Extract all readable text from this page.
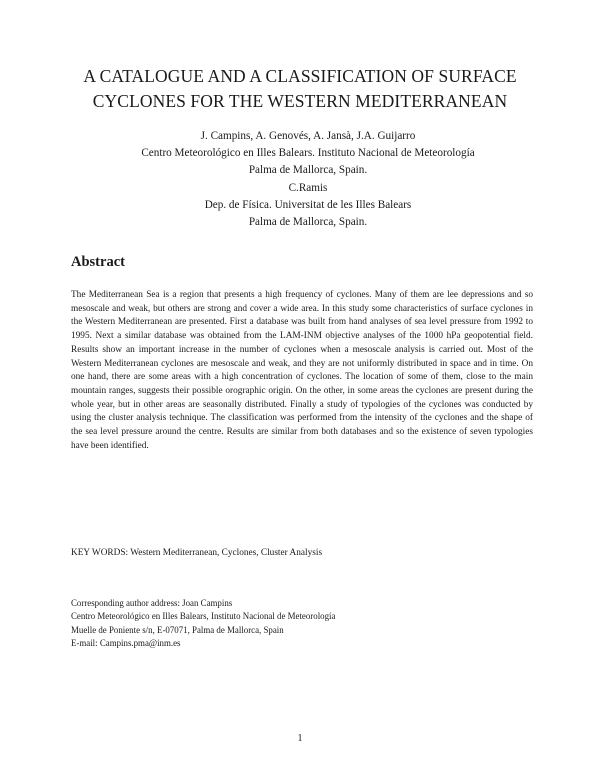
A CATALOGUE AND A CLASSIFICATION OF SURFACE
CYCLONES FOR THE WESTERN MEDITERRANEAN
J. Campins, A. Genovés, A. Jansà, J.A. Guijarro
Centro Meteorológico en Illes Balears. Instituto Nacional de Meteorología
Palma de Mallorca, Spain.
C.Ramis
Dep. de Física. Universitat de les Illes Balears
Palma de Mallorca, Spain.
Abstract

The Mediterranean Sea is a region that presents a high frequency of cyclones. Many of them are lee depressions and so mesoscale and weak, but others are strong and cover a wide area. In this study some characteristics of surface cyclones in the Western Mediterranean are presented. First a database was built from hand analyses of sea level pressure from 1992 to 1995. Next a similar database was obtained from the LAM-INM objective analyses of the 1000 hPa geopotential field. Results show an important increase in the number of cyclones when a mesoscale analysis is carried out. Most of the Western Mediterranean cyclones are mesoscale and weak, and they are not uniformly distributed in space and in time. On one hand, there are some areas with a high concentration of cyclones. The location of some of them, close to the main mountain ranges, suggests their possible orographic origin. On the other, in some areas the cyclones are present during the whole year, but in other areas are seasonally distributed. Finally a study of typologies of the cyclones was conducted by using the cluster analysis technique. The classification was performed from the intensity of the cyclones and the shape of the sea level pressure around the centre. Results are similar from both databases and so the existence of seven typologies have been identified.

KEY WORDS: Western Mediterranean, Cyclones, Cluster Analysis
Corresponding author address: Joan Campins
Centro Meteorológico en Illes Balears, Instituto Nacional de Meteorología
Muelle de Poniente s/n, E-07071, Palma de Mallorca, Spain
E-mail: Campins.pma@inm.es
1
